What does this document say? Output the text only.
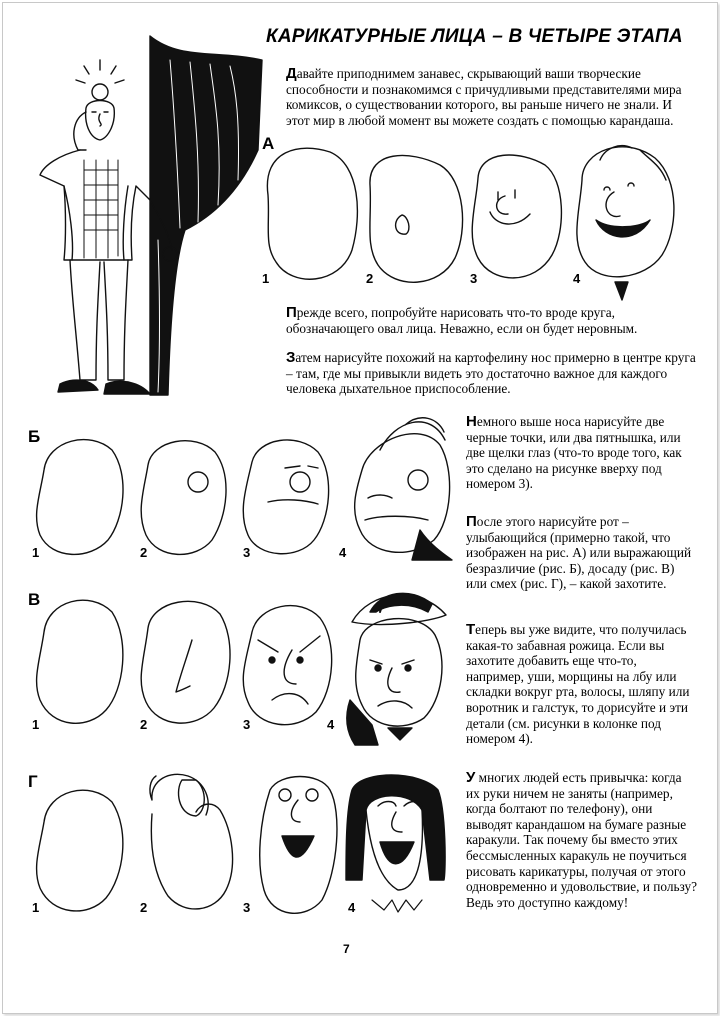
КАРИКАТУРНЫЕ ЛИЦА – В ЧЕТЫРЕ ЭТАПА
Давайте приподнимем занавес, скрывающий ваши творческие способности и познакомимся с причудливыми представителями мира комиксов, о существовании которого, вы раньше ничего не знали. И этот мир в любой момент вы можете создать с помощью карандаша.
Прежде всего, попробуйте нарисовать что-то вроде круга, обозначающего овал лица. Неважно, если он будет неровным.
Затем нарисуйте похожий на картофелину нос примерно в центре круга – там, где мы привыкли видеть это достаточно важное для каждого человека дыхательное приспособление.
Немного выше носа нарисуйте две черные точки, или два пятнышка, или две щелки глаз (что-то вроде того, как это сделано на рисунке вверху под номером 3).
После этого нарисуйте рот – улыбающийся (примерно такой, что изображен на рис. А) или выражающий безразличие (рис. Б), досаду (рис. В) или смех (рис. Г), – какой захотите.
Теперь вы уже видите, что получилась какая-то забавная рожица. Если вы захотите добавить еще что-то, например, уши, морщины на лбу или складки вокруг рта, волосы, шляпу или воротник и галстук, то дорисуйте и эти детали (см. рисунки в колонке под номером 4).
У многих людей есть привычка: когда их руки ничем не заняты (например, когда болтают по телефону), они выводят карандашом на бумаге разные каракули. Так почему бы вместо этих бессмысленных каракуль не поучиться рисовать карикатуры, получая от этого одновременно и удовольствие, и пользу? Ведь это доступно каждому!
А
Б
В
Г
1	2	3	4
1	2	3	4
1	2	3	4
1	2	3	4
7
